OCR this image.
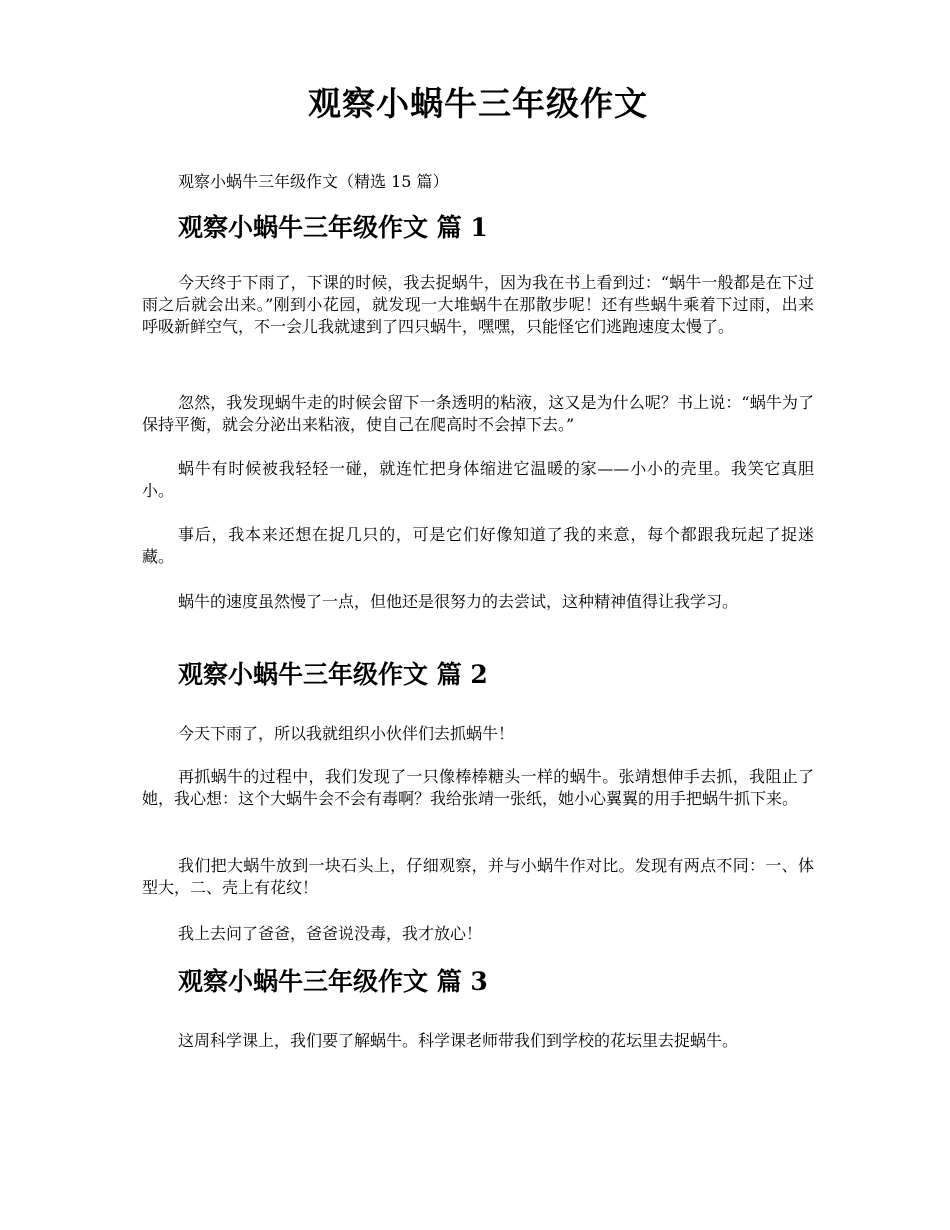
观察小蜗牛三年级作文

观察小蜗牛三年级作文（精选 15 篇）

观察小蜗牛三年级作文 篇 1

今天终于下雨了，下课的时候，我去捉蜗牛，因为我在书上看到过：“蜗牛一般都是在下过雨之后就会出来。”刚到小花园，就发现一大堆蜗牛在那散步呢！还有些蜗牛乘着下过雨，出来呼吸新鲜空气，不一会儿我就逮到了四只蜗牛，嘿嘿，只能怪它们逃跑速度太慢了。

忽然，我发现蜗牛走的时候会留下一条透明的粘液，这又是为什么呢？书上说：“蜗牛为了保持平衡，就会分泌出来粘液，使自己在爬高时不会掉下去。”

蜗牛有时候被我轻轻一碰，就连忙把身体缩进它温暖的家——小小的壳里。我笑它真胆小。

事后，我本来还想在捉几只的，可是它们好像知道了我的来意，每个都跟我玩起了捉迷藏。

蜗牛的速度虽然慢了一点，但他还是很努力的去尝试，这种精神值得让我学习。

观察小蜗牛三年级作文 篇 2

今天下雨了，所以我就组织小伙伴们去抓蜗牛！

再抓蜗牛的过程中，我们发现了一只像棒棒糖头一样的蜗牛。张靖想伸手去抓，我阻止了她，我心想：这个大蜗牛会不会有毒啊？我给张靖一张纸，她小心翼翼的用手把蜗牛抓下来。

我们把大蜗牛放到一块石头上，仔细观察，并与小蜗牛作对比。发现有两点不同：一、体型大，二、壳上有花纹！

我上去问了爸爸，爸爸说没毒，我才放心！

观察小蜗牛三年级作文 篇 3

这周科学课上，我们要了解蜗牛。科学课老师带我们到学校的花坛里去捉蜗牛。
